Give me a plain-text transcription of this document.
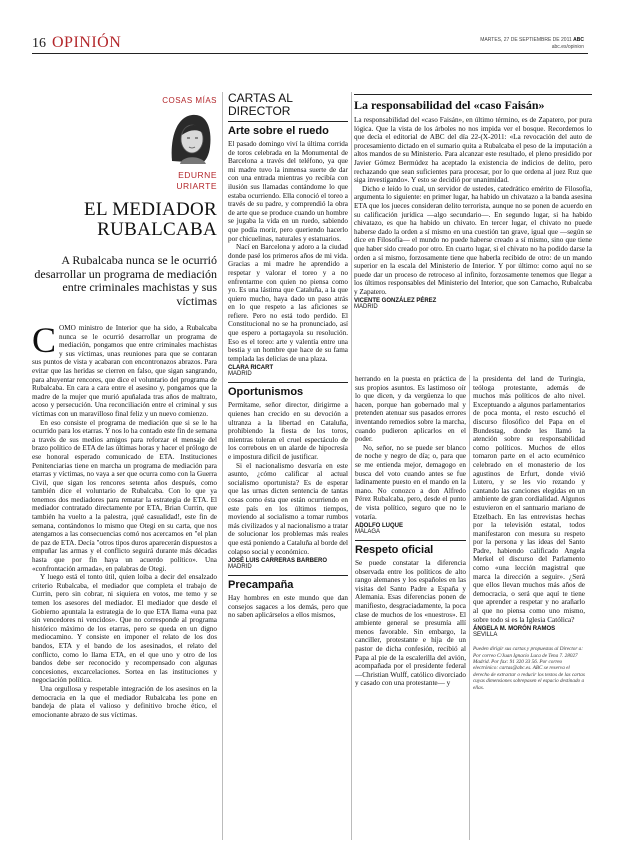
16 OPINIÓN	MARTES, 27 DE SEPTIEMBRE DE 2011 ABC
abc.es/opinion
COSAS MÍAS
EDURNE
URIARTE
EL MEDIADOR
RUBALCABA
A Rubalcaba nunca se le ocurrió desarrollar un programa de mediación entre criminales machistas y sus víctimas

COMO ministro de Interior que ha sido, a Rubalcaba nunca se le ocurrió desarrollar un programa de mediación, pongamos que entre criminales machistas y sus víctimas, unas reuniones para que se contaran sus puntos de vista y acabaran con encontronazos abrazos. Para evitar que las heridas se cierren en falso, que sigan sangrando, para ahuyentar rencores, que dice el voluntario del programa de Rubalcaba. En cara a cara entre el asesino y, pongamos que la madre de la mujer que murió apuñalada tras años de maltrato, acoso y persecución. Una reconciliación entre el criminal y sus víctimas con un maravilloso final feliz y un nuevo comienzo.

En eso consiste el programa de mediación que si se le ha ocurrido para los etarras. Y nos lo ha contado este fin de semana a través de sus medios amigos para reforzar el mensaje del brazo político de ETA de las últimas horas y hacer el prólogo de ese honoral esperado comunicado de ETA. Instituciones Penitenciarias tiene en marcha un programa de mediación para etarras y víctimas, no vaya a ser que ocurra como con la Guerra Civil, que sigan los rencores setenta años después, como también dice el voluntario de Rubalcaba. Con lo que ya tenemos dos mediadores para rematar la estrategia de ETA. El mediador contratado directamente por ETA, Brian Currin, que también ha vuelto a la palestra, ¡qué casualidad!, este fin de semana, contándonos lo mismo que Otegi en su carta, que nos atengamos a las consecuencias comó nos acercamos en "el plan de paz de ETA. Decía "otros tipos duros aparecerán dispuestos a empuñar las armas y el conflicto seguirá durante más décadas hasta que por fin haya un acuerdo político». Una «confrontación armada», en palabras de Otegi.

Y luego está el tonto útil, quien loiba a decir del ensalzado criterio Rubalcaba, el mediador que completa el trabajo de Currin, pero sin cobrar, ni siquiera en votos, me temo y se temen los asesores del mediador. El mediador que desde el Gobierno apuntala la estrategia de lo que ETA llama «una paz sin vencedores ni vencidos». Que no corresponde al programa histórico máximo de los etarras, pero se queda en un digno mediocamino. Y consiste en imponer el relato de los dos bandos, ETA y el bando de los asesinados, el relato del conflicto, como lo llama ETA, en el que uno y otro de los bandos debe ser reconocido y recompensado con algunas concesiones, excarcelaciones. Sortea en las instituciones y negociación política.

Una orgullosa y respetable integración de los asesinos en la democracia en la que el mediador Rubalcaba les pone en bandeja de plata el valioso y definitivo broche ético, el emocionante abrazo de sus víctimas.

CARTAS AL DIRECTOR
Arte sobre el ruedo

El pasado domingo viví la última corrida de toros celebrada en la Monumental de Barcelona a través del teléfono, ya que mi madre tuvo la inmensa suerte de dar con una entrada mientras yo recibía con ilusión sus llamadas contándome lo que estaba ocurriendo. Ella conoció el toreo a través de su padre, y comprendió la obra de arte que se produce cuando un hombre se jugaba la vida en un ruedo, sabiendo que podía morir, pero queriendo hacerlo por chicuelinas, naturales y estatuarios.

Nací en Barcelona y adoro a la ciudad donde pasé los primeros años de mi vida. Gracias a mi madre he aprendido a respetar y valorar el toreo y a no enfrentarme con quien no piensa como yo. Es una lástima que Cataluña, a la que quiero mucho, haya dado un paso atrás en lo que respeto a las aficiones se refiere. Pero no está todo perdido. El Constitucional no se ha pronunciado, así que espero a portagayola su resolución. Eso es el toreo: arte y valentía entre una bestia y un hombre que hace de su fama templada las delicias de una plaza.

CLARA RICART
MADRID
Oportunismos

Permítame, señor director, dirigirme a quienes han crecido en su devoción a ultranza a la libertad en Cataluña, prohibiendo la fiesta de los toros, mientras toleran el cruel espectáculo de los correbous en un alarde de hipocresía e impostura difícil de justificar.

Si el nacionalismo desvaría en este asunto, ¿cómo calificar al actual socialismo oportunista? Es de esperar que las urnas dicten sentencia de tantas cosas como ésta que están ocurriendo en este país en los últimos tiempos, moviendo al socialismo a tomar rumbos más civilizados y al nacionalismo a tratar de solucionar los problemas más reales que está poniendo a Cataluña al borde del colapso social y económico.

JOSÉ LUIS CARRERAS BARBERO
MADRID
Precampaña

Hay hombres en este mundo que dan consejos sagaces a los demás, pero que no saben aplicárselos a ellos mismos,

La responsabilidad del «caso Faisán»

La responsabilidad del «caso Faisán», en último término, es de Zapatero, por pura lógica. Que la vista de los árboles no nos impida ver el bosque. Recordemos lo que decía el editorial de ABC del día 22-(X-2011: «La revocación del auto de procesamiento dictado en el sumario quita a Rubalcaba el peso de la imputación a altos mandos de su Ministerio. Para alcanzar este resultado, el pleno presidido por Javier Gómez Bermúdez ha aceptado la existencia de indicios de delito, pero rechazando que sean suficientes para procesar, por lo que ordena al juez Ruz que siga investigando». Y esto se decidió por unanimidad.

Dicho e leído lo cual, un servidor de ustedes, catedrático emérito de Filosofía, argumenta lo siguiente: en primer lugar, ha habido un chivatazo a la banda asesina ETA que los jueces consideran delito terrorista, aunque no se ponen de acuerdo en su calificación jurídica —algo secundario—. En segundo lugar, si ha habido chivatazo, es que ha habido un chivato. En tercer lugar, el chivato no puede haberse dado la orden a sí mismo en una cuestión tan grave, igual que —según se dice en Filosofía— el mundo no puede haberse creado a sí mismo, sino que tiene que haber sido creado por otro. En cuarto lugar, si el chivato no ha podido darse la orden a sí mismo, forzosamente tiene que haberla recibido de otro: de un mando superior en la escala del Ministerio de Interior. Y por último: como aquí no se puede dar un proceso de retroceso al infinito, forzosamente tenemos que llegar a los últimos responsables del Ministerio del Interior, que son Camacho, Rubalcaba y Zapatero.

VICENTE GONZÁLEZ PÉREZ
MADRID

herrando en la puesta en práctica de sus propios asuntos. Es lastimoso oír lo que dicen, y da vergüenza lo que hacen, porque han gobernado mal y pretenden atenuar sus pasados errores inventando remedios sobre la marcha, cuando pudieron aplicarlos en el poder.

No, señor, no se puede ser blanco de noche y negro de día; o, para que se me entienda mejor, demagogo en busca del voto cuando antes se fue ladinamente puesto en el mando en la mano. No conozco a don Alfredo Pérez Rubalcaba, pero, desde el punto de vista político, seguro que no le votaría.

ADOLFO LUQUE
MÁLAGA
Respeto oficial

Se puede constatar la diferencia observada entre los políticos de alto rango alemanes y los españoles en las visitas del Santo Padre a España y Alemania. Esas diferencias ponen de manifiesto, desgraciadamente, la poca clase de muchos de los «nuestros». El ambiente general se presumía allí menos favorable. Sin embargo, la canciller, protestante e hija de un pastor de dicha confesión, recibió al Papa al pie de la escalerilla del avión, acompañada por el presidente federal —Christian Wulff, católico divorciado y casado con una protestante— y

la presidenta del land de Turingia, teóloga protestante, además de muchos más políticos de alto nivel. Exceptuando a algunos parlamentarios de poca monta, el resto escuchó el discurso filosófico del Papa en el Bundestag, donde les llamó la atención sobre su responsabilidad como políticos. Muchos de ellos tomaron parte en el acto ecuménico celebrado en el monasterio de los agustinos de Erfurt, donde vivió Lutero, y se les vio rezando y cantando las canciones elegidas en un ambiente de gran cordialidad. Algunos estuvieron en el santuario mariano de Etzelbach. En las entrevistas hechas por la televisión estatal, todos manifestaron con mesura su respeto por la persona y las ideas del Santo Padre, habiendo calificado Angela Merkel el discurso del Parlamento como «una lección magistral que marca la dirección a seguir». ¿Será que ellos llevan muchos más años de democracia, o será que aquí te tiene que aprender a respetar y no arañarlo al que no piensa como uno mismo, sobre todo si es la Iglesia Católica?

ÁNGELA M. MORÓN RAMOS
SEVILLA
Pueden dirigir sus cartas y propuestas al Director a: Por correo C/Juan Ignacio Luca de Tena 7. 28027 Madrid. Por fax: 91 320 33 56. Por correo electrónico: cartas@abc.es. ABC se reserva el derecho de extractar o reducir los textos de las cartas cuyas dimensiones sobrepasen el espacio destinado a ellas.
